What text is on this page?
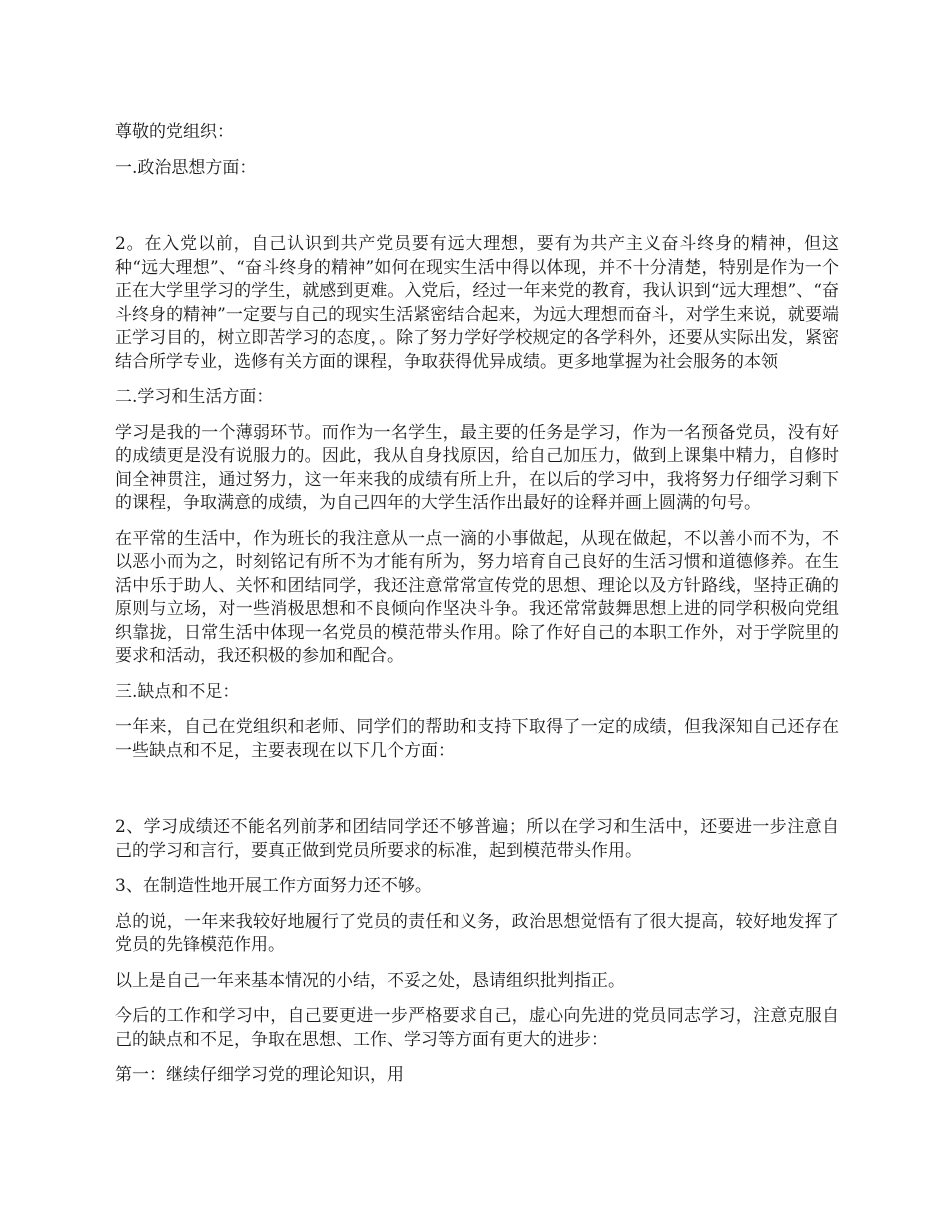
尊敬的党组织：

一.政治思想方面：

2。在入党以前，自己认识到共产党员要有远大理想，要有为共产主义奋斗终身的精神，但这种“远大理想”、“奋斗终身的精神”如何在现实生活中得以体现，并不十分清楚，特别是作为一个正在大学里学习的学生，就感到更难。入党后，经过一年来党的教育，我认识到“远大理想”、“奋斗终身的精神”一定要与自己的现实生活紧密结合起来，为远大理想而奋斗，对学生来说，就要端正学习目的，树立即苦学习的态度，。除了努力学好学校规定的各学科外，还要从实际出发，紧密结合所学专业，选修有关方面的课程，争取获得优异成绩。更多地掌握为社会服务的本领

二.学习和生活方面：

学习是我的一个薄弱环节。而作为一名学生，最主要的任务是学习，作为一名预备党员，没有好的成绩更是没有说服力的。因此，我从自身找原因，给自己加压力，做到上课集中精力，自修时间全神贯注，通过努力，这一年来我的成绩有所上升，在以后的学习中，我将努力仔细学习剩下的课程，争取满意的成绩，为自己四年的大学生活作出最好的诠释并画上圆满的句号。

在平常的生活中，作为班长的我注意从一点一滴的小事做起，从现在做起，不以善小而不为，不以恶小而为之，时刻铭记有所不为才能有所为，努力培育自己良好的生活习惯和道德修养。在生活中乐于助人、关怀和团结同学，我还注意常常宣传党的思想、理论以及方针路线，坚持正确的原则与立场，对一些消极思想和不良倾向作坚决斗争。我还常常鼓舞思想上进的同学积极向党组织靠拢，日常生活中体现一名党员的模范带头作用。除了作好自己的本职工作外，对于学院里的要求和活动，我还积极的参加和配合。

三.缺点和不足：

一年来，自己在党组织和老师、同学们的帮助和支持下取得了一定的成绩，但我深知自己还存在一些缺点和不足，主要表现在以下几个方面：

2、学习成绩还不能名列前茅和团结同学还不够普遍；所以在学习和生活中，还要进一步注意自己的学习和言行，要真正做到党员所要求的标准，起到模范带头作用。

3、在制造性地开展工作方面努力还不够。

总的说，一年来我较好地履行了党员的责任和义务，政治思想觉悟有了很大提高，较好地发挥了党员的先锋模范作用。

以上是自己一年来基本情况的小结，不妥之处，恳请组织批判指正。

今后的工作和学习中，自己要更进一步严格要求自己，虚心向先进的党员同志学习，注意克服自己的缺点和不足，争取在思想、工作、学习等方面有更大的进步：

第一：继续仔细学习党的理论知识，用
